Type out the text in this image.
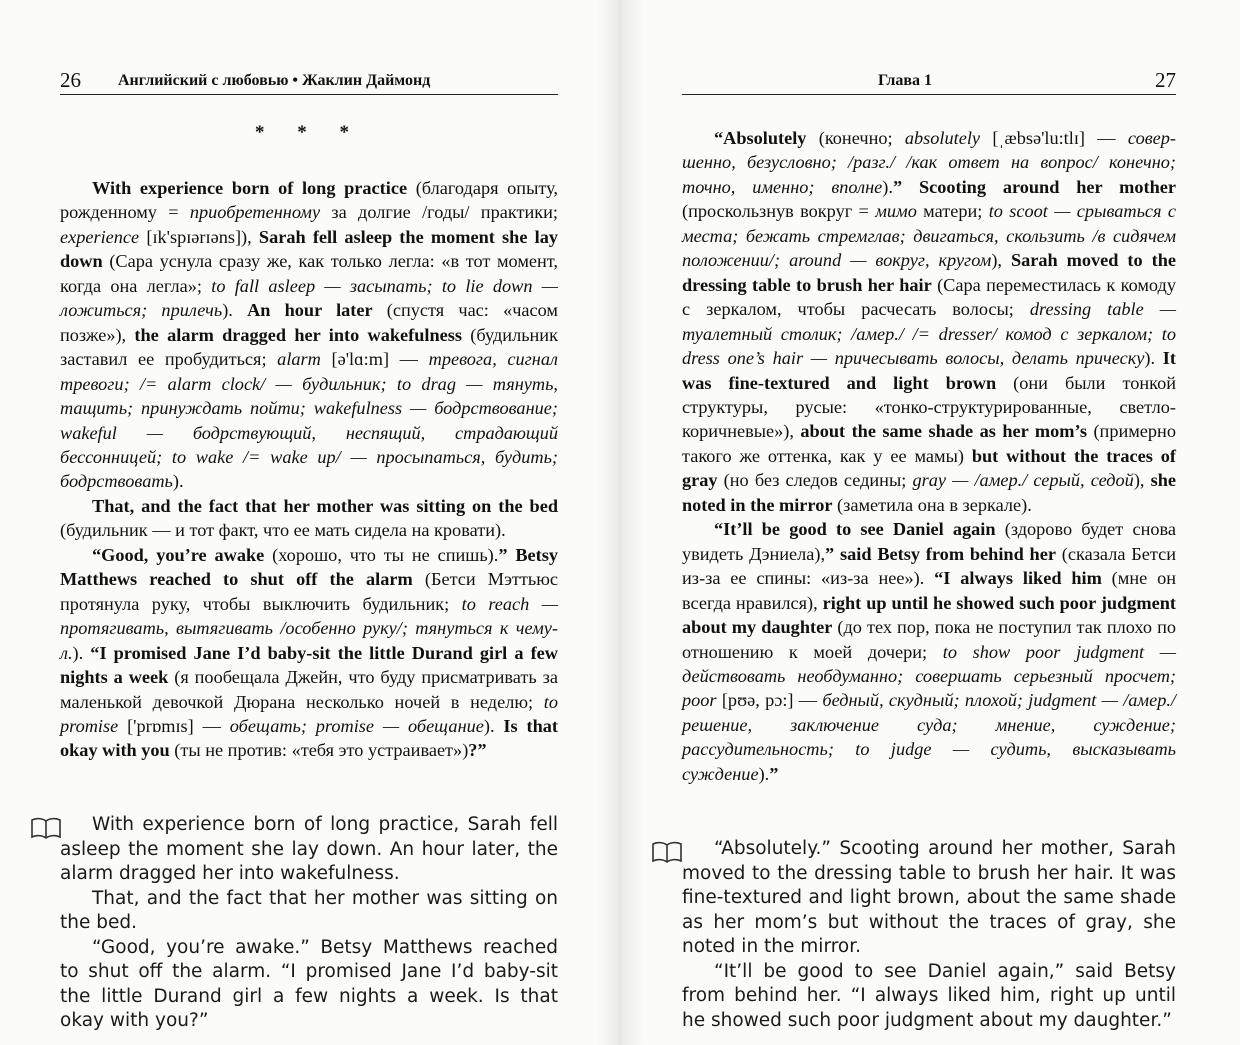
26 Английский с любовью • Жаклин Даймонд
* * *

With experience born of long practice (благодаря опыту, рожденному = приобретенному за долгие /годы/ практики; experience [ɪk'spɪərɪəns]), Sarah fell asleep the moment she lay down (Сара уснула сразу же, как только легла: «в тот момент, когда она легла»; to fall asleep — засыпать; to lie down — ложиться; прилечь). An hour later (спустя час: «часом позже»), the alarm dragged her into wakefulness (будильник заставил ее пробудиться; alarm [ə'lɑ:m] — тревога, сигнал тревоги; /= alarm clock/ — будильник; to drag — тянуть, тащить; принуждать пойти; wakefulness — бодрствование; wakeful — бодрствующий, неспящий, страдающий бессонницей; to wake /= wake up/ — просыпаться, будить; бодрствовать).

That, and the fact that her mother was sitting on the bed (будильник — и тот факт, что ее мать сидела на кровати).

“Good, you’re awake (хорошо, что ты не спишь).” Betsy Matthews reached to shut off the alarm (Бетси Мэттьюс протянула руку, чтобы выключить будильник; to reach — протягивать, вытягивать /особенно руку/; тянуться к чему-л.). “I promised Jane I’d baby-sit the little Durand girl a few nights a week (я пообещала Джейн, что буду присматривать за маленькой девочкой Дюрана несколько ночей в неделю; to promise ['prɒmɪs] — обещать; promise — обещание). Is that okay with you (ты не против: «тебя это устраивает»)?”

With experience born of long practice, Sarah fell asleep the moment she lay down. An hour later, the alarm dragged her into wakefulness.

That, and the fact that her mother was sitting on the bed.

“Good, you’re awake.” Betsy Matthews reached to shut off the alarm. “I promised Jane I’d baby-sit the little Durand girl a few nights a week. Is that okay with you?”

Глава 1	27

“Absolutely (конечно; absolutely [ˌæbsə'lu:tlɪ] — совершенно, безусловно; /разг./ /как ответ на вопрос/ конечно; точно, именно; вполне).” Scooting around her mother (проскользнув вокруг = мимо матери; to scoot — срываться с места; бежать стремглав; двигаться, скользить /в сидячем положении/; around — вокруг, кругом), Sarah moved to the dressing table to brush her hair (Сара переместилась к комоду с зеркалом, чтобы расчесать волосы; dressing table — туалетный столик; /амер./ /= dresser/ комод с зеркалом; to dress one’s hair — причесывать волосы, делать прическу). It was fine-textured and light brown (они были тонкой структуры, русые: «тонко-структурированные, светло-коричневые»), about the same shade as her mom’s (примерно такого же оттенка, как у ее мамы) but without the traces of gray (но без следов седины; gray — /амер./ серый, седой), she noted in the mirror (заметила она в зеркале).

“It’ll be good to see Daniel again (здорово будет снова увидеть Дэниела),” said Betsy from behind her (сказала Бетси из-за ее спины: «из-за нее»). “I always liked him (мне он всегда нравился), right up until he showed such poor judgment about my daughter (до тех пор, пока не поступил так плохо по отношению к моей дочери; to show poor judgment — действовать необдуманно; совершать серьезный просчет; poor [pʊə, pɔ:] — бедный, скудный; плохой; judgment — /амер./ решение, заключение суда; мнение, суждение; рассудительность; to judge — судить, высказывать суждение).”

“Absolutely.” Scooting around her mother, Sarah moved to the dressing table to brush her hair. It was fine-textured and light brown, about the same shade as her mom’s but without the traces of gray, she noted in the mirror.

“It’ll be good to see Daniel again,” said Betsy from behind her. “I always liked him, right up until he showed such poor judgment about my daughter.”
